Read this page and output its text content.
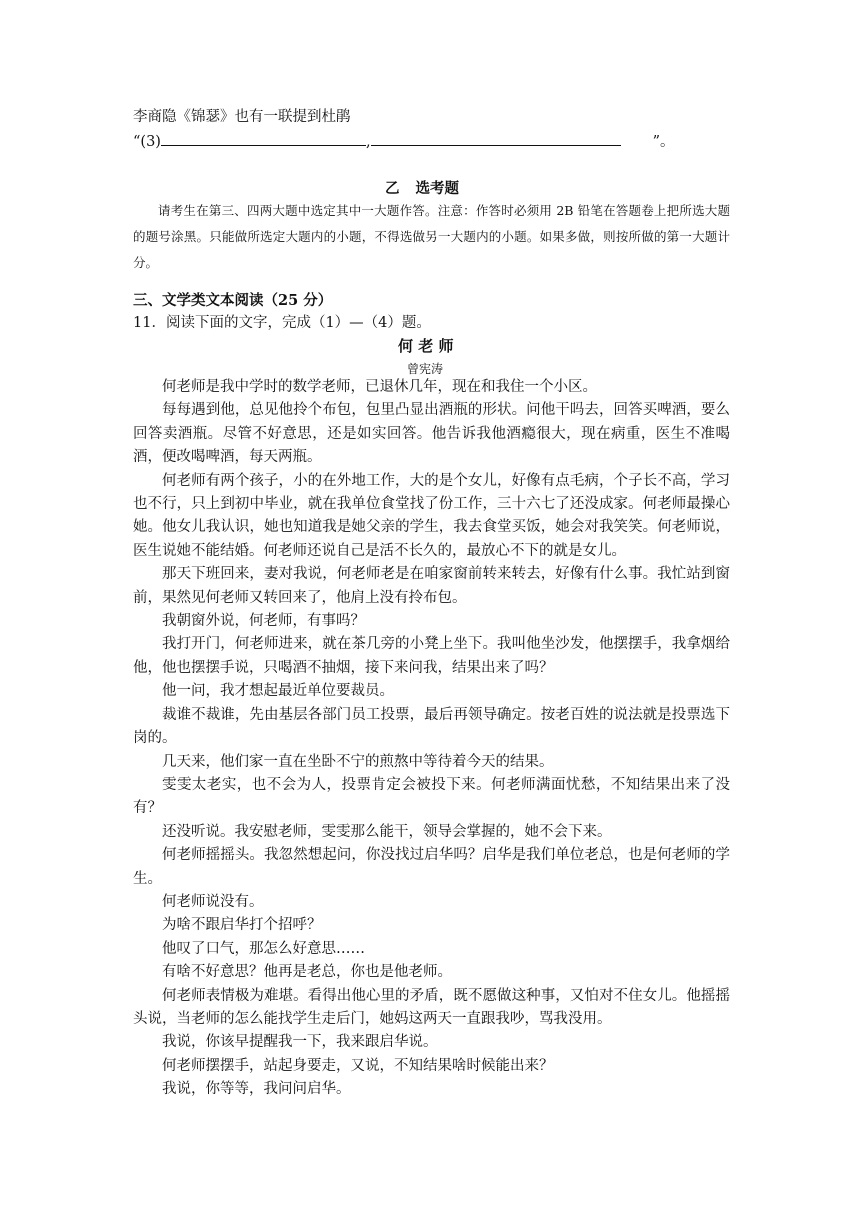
李商隐《锦瑟》也有一联提到杜鹃
“(3)	,	”。
乙 选考题
请考生在第三、四两大题中选定其中一大题作答。注意：作答时必须用 2B 铅笔在答题卷上把所选大题的题号涂黑。只能做所选定大题内的小题，不得选做另一大题内的小题。如果多做，则按所做的第一大题计分。
三、文学类文本阅读（25 分）
11．阅读下面的文字，完成（1）—（4）题。
何 老 师
曾宪涛
何老师是我中学时的数学老师，已退休几年，现在和我住一个小区。
每每遇到他，总见他拎个布包，包里凸显出酒瓶的形状。问他干吗去，回答买啤酒，要么回答卖酒瓶。尽管不好意思，还是如实回答。他告诉我他酒瘾很大，现在病重，医生不准喝酒，便改喝啤酒，每天两瓶。
何老师有两个孩子，小的在外地工作，大的是个女儿，好像有点毛病，个子长不高，学习也不行，只上到初中毕业，就在我单位食堂找了份工作，三十六七了还没成家。何老师最操心她。他女儿我认识，她也知道我是她父亲的学生，我去食堂买饭，她会对我笑笑。何老师说，医生说她不能结婚。何老师还说自己是活不长久的，最放心不下的就是女儿。
那天下班回来，妻对我说，何老师老是在咱家窗前转来转去，好像有什么事。我忙站到窗前，果然见何老师又转回来了，他肩上没有拎布包。
我朝窗外说，何老师，有事吗？
我打开门，何老师进来，就在茶几旁的小凳上坐下。我叫他坐沙发，他摆摆手，我拿烟给他，他也摆摆手说，只喝酒不抽烟，接下来问我，结果出来了吗？
他一问，我才想起最近单位要裁员。
裁谁不裁谁，先由基层各部门员工投票，最后再领导确定。按老百姓的说法就是投票选下岗的。
几天来，他们家一直在坐卧不宁的煎熬中等待着今天的结果。
雯雯太老实，也不会为人，投票肯定会被投下来。何老师满面忧愁，不知结果出来了没有？
还没听说。我安慰老师，雯雯那么能干，领导会掌握的，她不会下来。
何老师摇摇头。我忽然想起问，你没找过启华吗？启华是我们单位老总，也是何老师的学生。
何老师说没有。
为啥不跟启华打个招呼？
他叹了口气，那怎么好意思……
有啥不好意思？他再是老总，你也是他老师。
何老师表情极为难堪。看得出他心里的矛盾，既不愿做这种事，又怕对不住女儿。他摇摇头说，当老师的怎么能找学生走后门，她妈这两天一直跟我吵，骂我没用。
我说，你该早提醒我一下，我来跟启华说。
何老师摆摆手，站起身要走，又说，不知结果啥时候能出来？
我说，你等等，我问问启华。
